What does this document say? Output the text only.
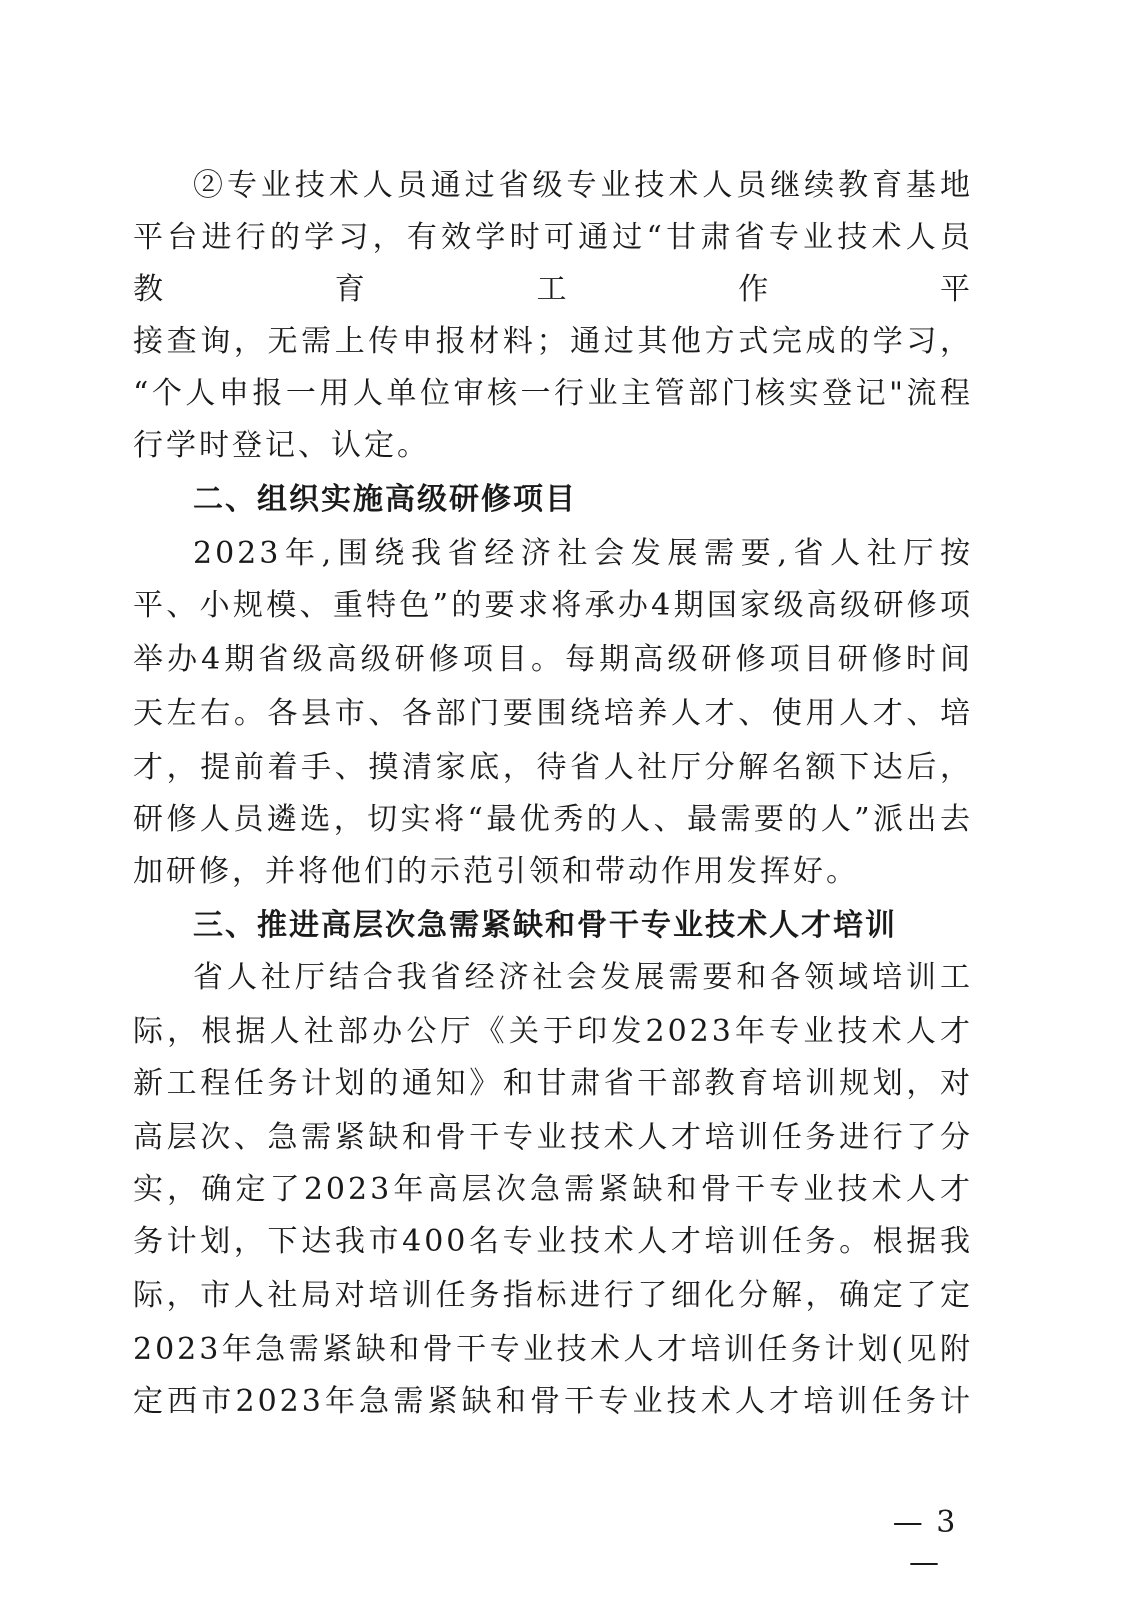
②专业技术人员通过省级专业技术人员继续教育基地
平台进行的学习，有效学时可通过“甘肃省专业技术人员
教育工作平
接查询，无需上传申报材料；通过其他方式完成的学习，
“个人申报一用人单位审核一行业主管部门核实登记"流程
行学时登记、认定。
二、组织实施高级研修项目
2023年,围绕我省经济社会发展需要,省人社厅按
平、小规模、重特色”的要求将承办4期国家级高级研修项
举办4期省级高级研修项目。每期高级研修项目研修时间
天左右。各县市、各部门要围绕培养人才、使用人才、培
才，提前着手、摸清家底，待省人社厅分解名额下达后，
研修人员遴选，切实将“最优秀的人、最需要的人”派出去
加研修，并将他们的示范引领和带动作用发挥好。
三、推进高层次急需紧缺和骨干专业技术人才培训
省人社厅结合我省经济社会发展需要和各领域培训工
际，根据人社部办公厅《关于印发2023年专业技术人才
新工程任务计划的通知》和甘肃省干部教育培训规划，对
高层次、急需紧缺和骨干专业技术人才培训任务进行了分
实，确定了2023年高层次急需紧缺和骨干专业技术人才
务计划，下达我市400名专业技术人才培训任务。根据我
际，市人社局对培训任务指标进行了细化分解，确定了定
2023年急需紧缺和骨干专业技术人才培训任务计划(见附
定西市2023年急需紧缺和骨干专业技术人才培训任务计
— 3 —
